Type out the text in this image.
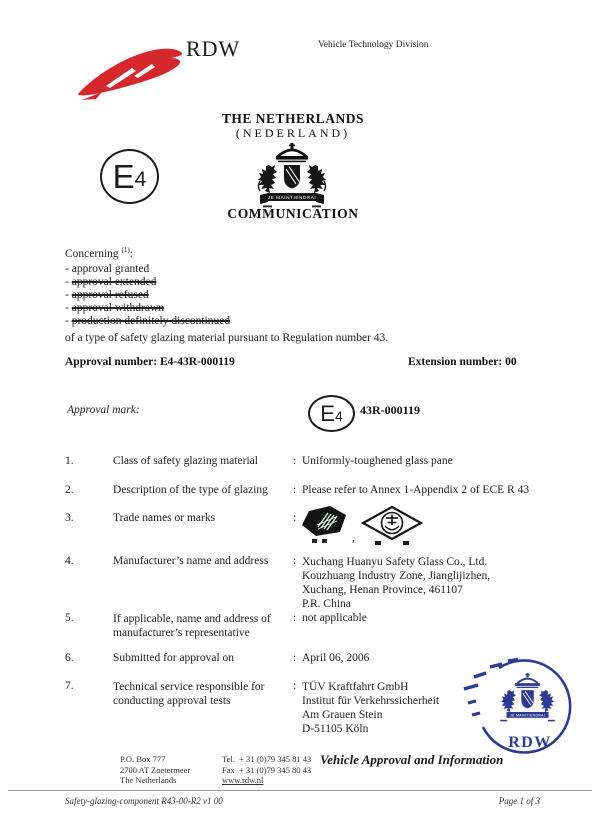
RDW	Vehicle Technology Division
THE NETHERLANDS
(NEDERLAND)
E 4
JE MAINTIENDRAI
COMMUNICATION
Concerning $^{(1)}$:
- approval granted
- approval extended
- approval refused
- approval withdrawn
- production definitely discontinued
of a type of safety glazing material pursuant to Regulation number 43.
Approval number: E4-43R-000119	Extension number: 00
Approval mark:	E 4 43R-000119
1.	Class of safety glazing material	: Uniformly-toughened glass pane
2.	Description of the type of glazing : Please refer to Annex 1-Appendix 2 of ECE R 43
3.	Trade names or marks	:
,
4.	Manufacturer’s name and address : Xuchang Huanyu Safety Glass Co., Ltd.
Kouzhuang Industry Zone, Jianglijizhen,
Xuchang, Henan Province, 461107
P.R. China
5.	If applicable, name and address of
manufacturer’s representative
: not applicable
6.	Submitted for approval on	: April 06, 2006
7.	Technical service responsible for
conducting approval tests
: TÜV Kraftfahrt GmbH
Institut für Verkehrssicherheit
Am Grauen Stein
D-51105 Köln
JE MAINTIENDRAI
RDW
P.O. Box 777
2700 AT Zoetermeer
The Netherlands
Tel. + 31 (0)79 345 81 43
Fax + 31 (0)79 345 80 43
www.rdw.nl
Vehicle Approval and Information
Safety-glazing-component R43-00-R2 v1 00	Page 1 of 3
